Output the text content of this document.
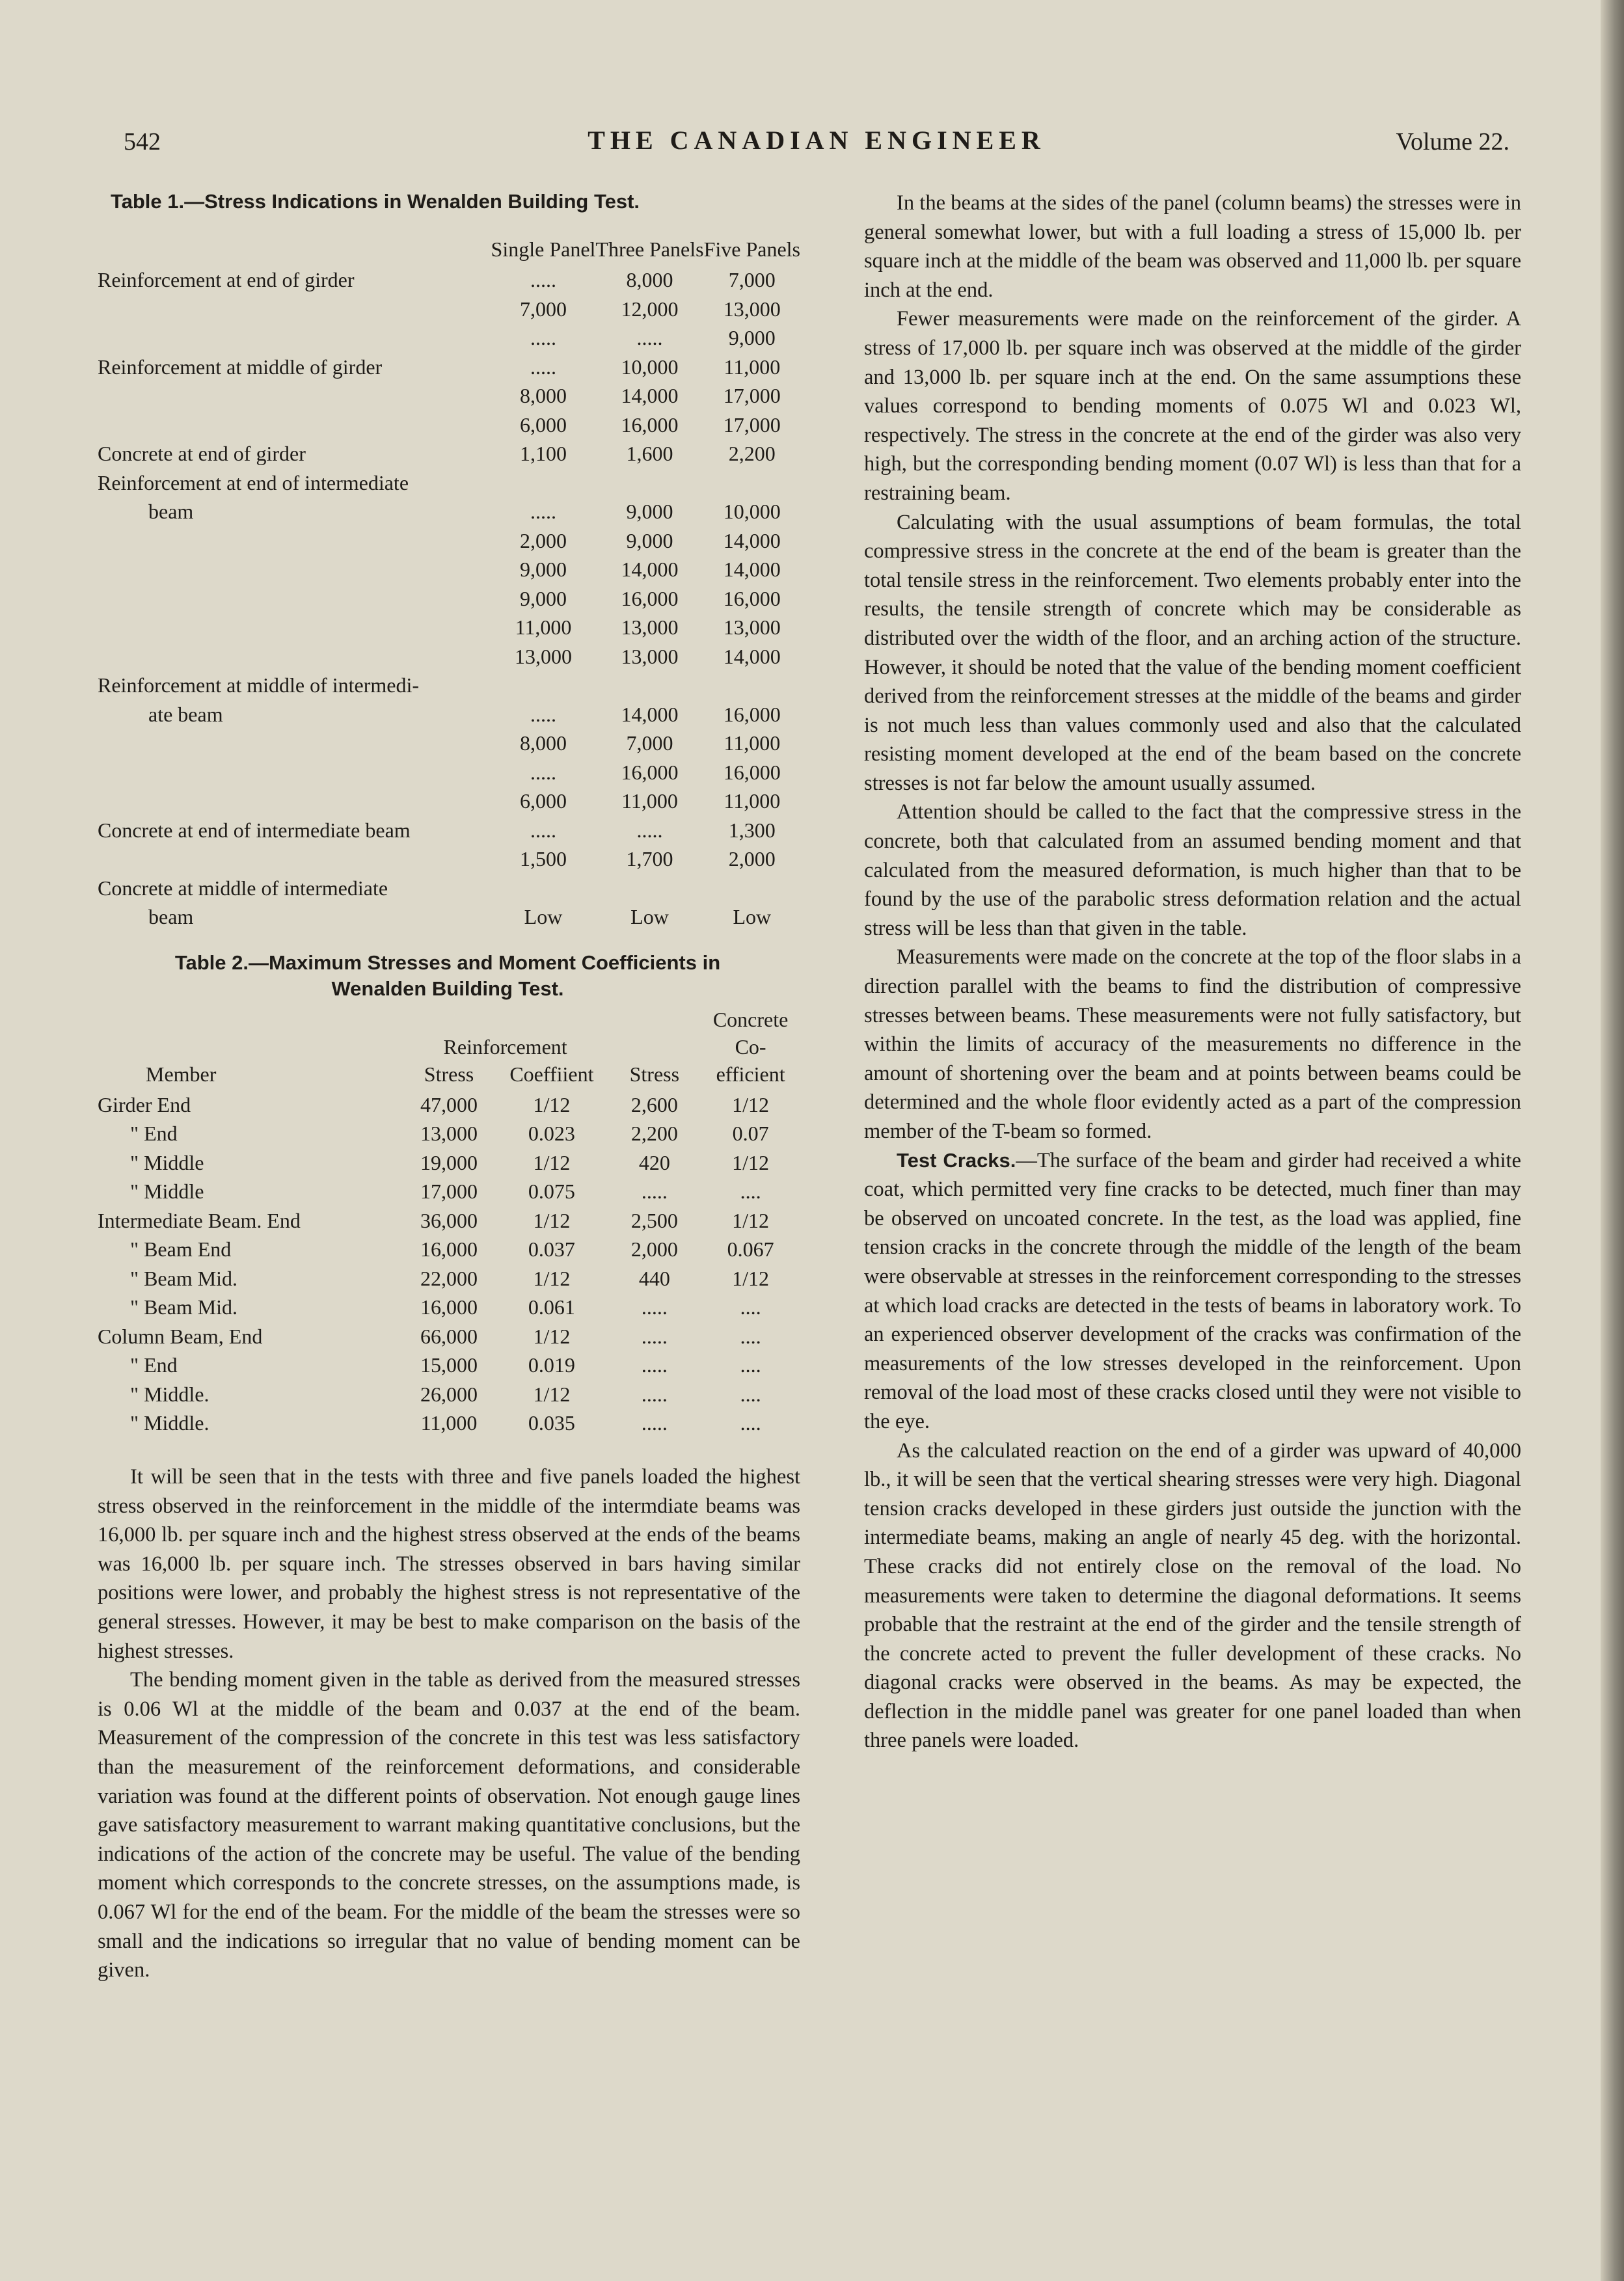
542	THE CANADIAN ENGINEER	Volume 22.
Table 1.—Stress Indications in Wenalden Building Test.
	Single Panel	Three Panels	Five Panels
Reinforcement at end of girder	.....	8,000	7,000
	7,000	12,000	13,000
	.....	.....	9,000
Reinforcement at middle of girder	.....	10,000	11,000
	8,000	14,000	17,000
	6,000	16,000	17,000
Concrete at end of girder	1,100	1,600	2,200
Reinforcement at end of intermediate			
beam	.....	9,000	10,000
	2,000	9,000	14,000
	9,000	14,000	14,000
	9,000	16,000	16,000
	11,000	13,000	13,000
	13,000	13,000	14,000
Reinforcement at middle of intermedi-			
ate beam	.....	14,000	16,000
	8,000	7,000	11,000
	.....	16,000	16,000
	6,000	11,000	11,000
Concrete at end of intermediate beam	.....	.....	1,300
	1,500	1,700	2,000
Concrete at middle of intermediate			
beam	Low	Low	Low
Table 2.—Maximum Stresses and Moment Coefficients in
Wenalden Building Test.
				Concrete
	Reinforcement			Co-
Member	Stress	Coeffiient	Stress	efficient
Girder End	47,000	1/12	2,600	1/12
" End	13,000	0.023	2,200	0.07
" Middle	19,000	1/12	420	1/12
" Middle	17,000	0.075	.....	....
Intermediate Beam. End	36,000	1/12	2,500	1/12
" Beam End	16,000	0.037	2,000	0.067
" Beam Mid.	22,000	1/12	440	1/12
" Beam Mid.	16,000	0.061	.....	....
Column Beam, End	66,000	1/12	.....	....
" End	15,000	0.019	.....	....
" Middle.	26,000	1/12	.....	....
" Middle.	11,000	0.035	.....	....

It will be seen that in the tests with three and five panels loaded the highest stress observed in the reinforcement in the middle of the intermdiate beams was 16,000 lb. per square inch and the highest stress observed at the ends of the beams was 16,000 lb. per square inch. The stresses observed in bars having similar positions were lower, and probably the highest stress is not representative of the general stresses. However, it may be best to make comparison on the basis of the highest stresses.

The bending moment given in the table as derived from the measured stresses is 0.06 Wl at the middle of the beam and 0.037 at the end of the beam. Measurement of the compression of the concrete in this test was less satisfactory than the measurement of the reinforcement deformations, and considerable variation was found at the different points of observation. Not enough gauge lines gave satisfactory measurement to warrant making quantitative conclusions, but the indications of the action of the concrete may be useful. The value of the bending moment which corresponds to the concrete stresses, on the assumptions made, is 0.067 Wl for the end of the beam. For the middle of the beam the stresses were so small and the indications so irregular that no value of bending moment can be given.

In the beams at the sides of the panel (column beams) the stresses were in general somewhat lower, but with a full loading a stress of 15,000 lb. per square inch at the middle of the beam was observed and 11,000 lb. per square inch at the end.

Fewer measurements were made on the reinforcement of the girder. A stress of 17,000 lb. per square inch was observed at the middle of the girder and 13,000 lb. per square inch at the end. On the same assumptions these values correspond to bending moments of 0.075 Wl and 0.023 Wl, respectively. The stress in the concrete at the end of the girder was also very high, but the corresponding bending moment (0.07 Wl) is less than that for a restraining beam.

Calculating with the usual assumptions of beam formulas, the total compressive stress in the concrete at the end of the beam is greater than the total tensile stress in the reinforcement. Two elements probably enter into the results, the tensile strength of concrete which may be considerable as distributed over the width of the floor, and an arching action of the structure. However, it should be noted that the value of the bending moment coefficient derived from the reinforcement stresses at the middle of the beams and girder is not much less than values commonly used and also that the calculated resisting moment developed at the end of the beam based on the concrete stresses is not far below the amount usually assumed.

Attention should be called to the fact that the compressive stress in the concrete, both that calculated from an assumed bending moment and that calculated from the measured deformation, is much higher than that to be found by the use of the parabolic stress deformation relation and the actual stress will be less than that given in the table.

Measurements were made on the concrete at the top of the floor slabs in a direction parallel with the beams to find the distribution of compressive stresses between beams. These measurements were not fully satisfactory, but within the limits of accuracy of the measurements no difference in the amount of shortening over the beam and at points between beams could be determined and the whole floor evidently acted as a part of the compression member of the T-beam so formed.

Test Cracks.—The surface of the beam and girder had received a white coat, which permitted very fine cracks to be detected, much finer than may be observed on uncoated concrete. In the test, as the load was applied, fine tension cracks in the concrete through the middle of the length of the beam were observable at stresses in the reinforcement corresponding to the stresses at which load cracks are detected in the tests of beams in laboratory work. To an experienced observer development of the cracks was confirmation of the measurements of the low stresses developed in the reinforcement. Upon removal of the load most of these cracks closed until they were not visible to the eye.

As the calculated reaction on the end of a girder was upward of 40,000 lb., it will be seen that the vertical shearing stresses were very high. Diagonal tension cracks developed in these girders just outside the junction with the intermediate beams, making an angle of nearly 45 deg. with the horizontal. These cracks did not entirely close on the removal of the load. No measurements were taken to determine the diagonal deformations. It seems probable that the restraint at the end of the girder and the tensile strength of the concrete acted to prevent the fuller development of these cracks. No diagonal cracks were observed in the beams. As may be expected, the deflection in the middle panel was greater for one panel loaded than when three panels were loaded.
